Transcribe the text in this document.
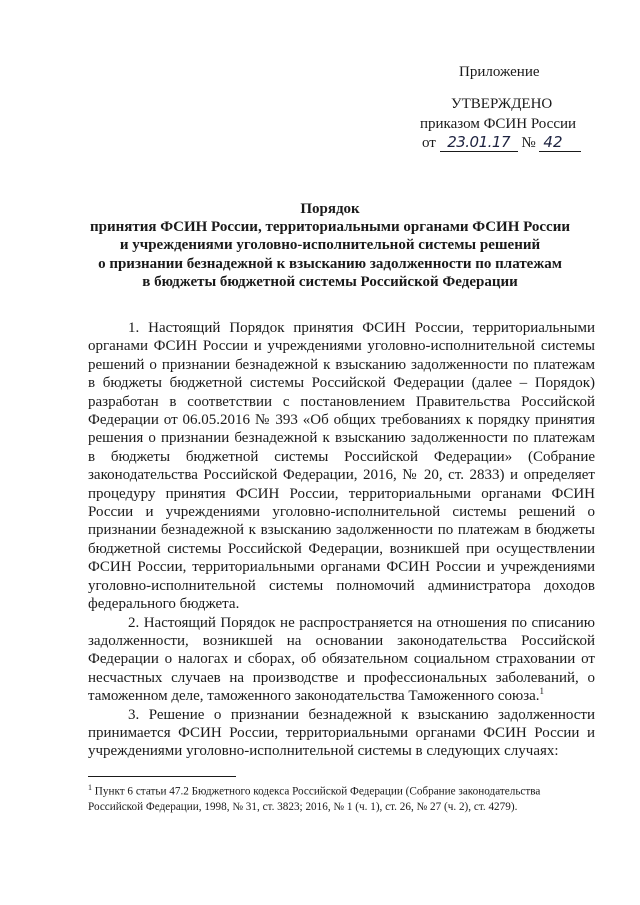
Приложение
УТВЕРЖДЕНО
приказом ФСИН России
от 23.01.17 № 42
Порядок
принятия ФСИН России, территориальными органами ФСИН России
и учреждениями уголовно-исполнительной системы решений
о признании безнадежной к взысканию задолженности по платежам
в бюджеты бюджетной системы Российской Федерации

1. Настоящий Порядок принятия ФСИН России, территориальными органами ФСИН России и учреждениями уголовно-исполнительной системы решений о признании безнадежной к взысканию задолженности по платежам в бюджеты бюджетной системы Российской Федерации (далее – Порядок) разработан в соответствии с постановлением Правительства Российской Федерации от 06.05.2016 № 393 «Об общих требованиях к порядку принятия решения о признании безнадежной к взысканию задолженности по платежам в бюджеты бюджетной системы Российской Федерации» (Собрание законодательства Российской Федерации, 2016, № 20, ст. 2833) и определяет процедуру принятия ФСИН России, территориальными органами ФСИН России и учреждениями уголовно-исполнительной системы решений о признании безнадежной к взысканию задолженности по платежам в бюджеты бюджетной системы Российской Федерации, возникшей при осуществлении ФСИН России, территориальными органами ФСИН России и учреждениями уголовно-исполнительной системы полномочий администратора доходов федерального бюджета.

2. Настоящий Порядок не распространяется на отношения по списанию задолженности, возникшей на основании законодательства Российской Федерации о налогах и сборах, об обязательном социальном страховании от несчастных случаев на производстве и профессиональных заболеваний, о таможенном деле, таможенного законодательства Таможенного союза.$^1$

3. Решение о признании безнадежной к взысканию задолженности принимается ФСИН России, территориальными органами ФСИН России и учреждениями уголовно-исполнительной системы в следующих случаях:

$^1$ Пункт 6 статьи 47.2 Бюджетного кодекса Российской Федерации (Собрание законодательства Российской Федерации, 1998, № 31, ст. 3823; 2016, № 1 (ч. 1), ст. 26, № 27 (ч. 2), ст. 4279).
